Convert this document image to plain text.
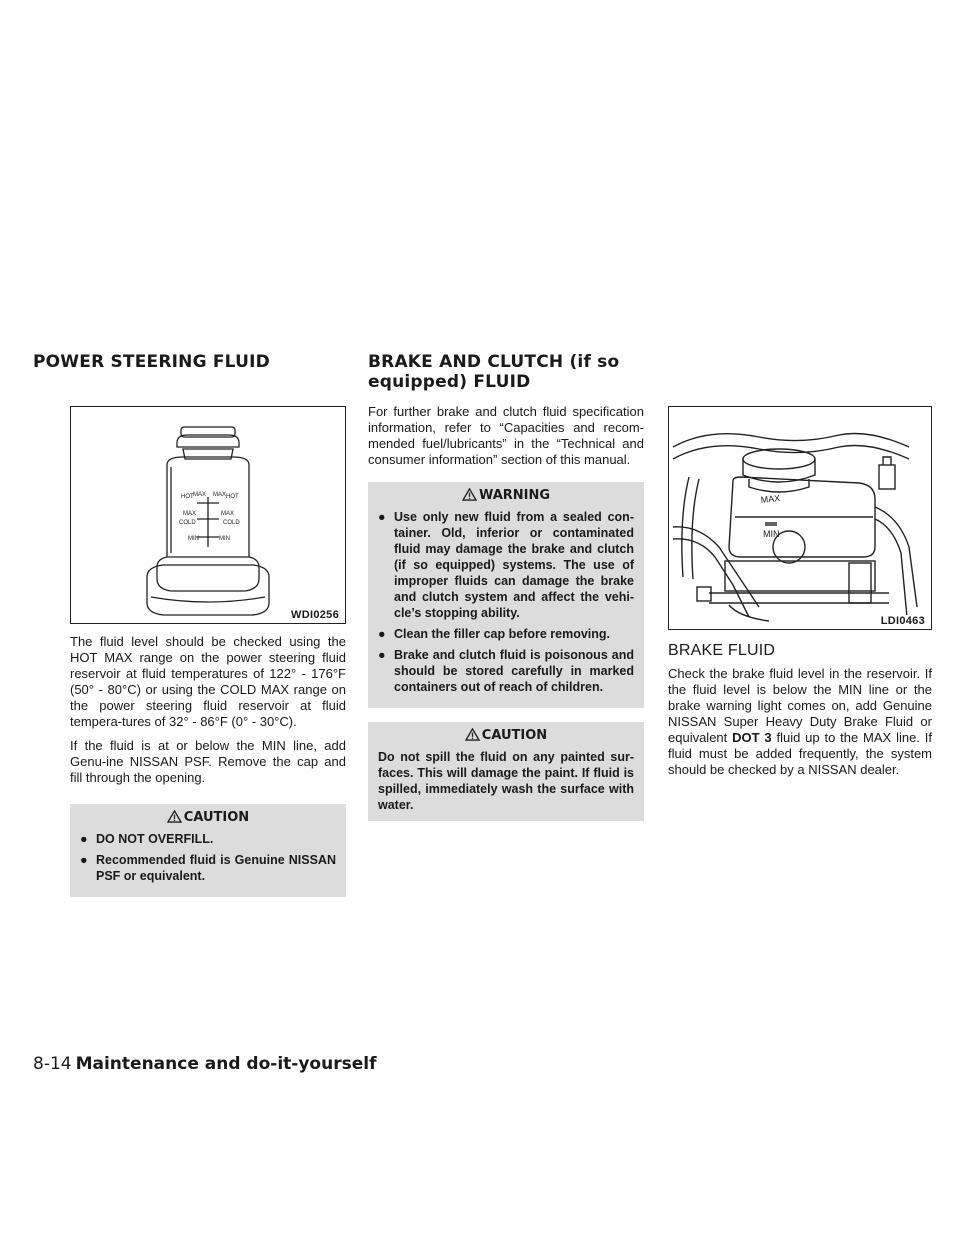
POWER STEERING FLUID	BRAKE AND CLUTCH (if so equipped) FLUID
HOT MAX MAX HOT
MAX	MAX
COLD	COLD
MIN	MIN
WDI0256

The fluid level should be checked using the HOT MAX range on the power steering fluid reservoir at fluid temperatures of 122° - 176°F (50° - 80°C) or using the COLD MAX range on the power steering fluid reservoir at fluid tempera-tures of 32° - 86°F (0° - 30°C).

If the fluid is at or below the MIN line, add Genu-ine NISSAN PSF. Remove the cap and fill through the opening.

CAUTION
● DO NOT OVERFILL.
● Recommended fluid is Genuine NISSAN PSF or equivalent.

For further brake and clutch fluid specification information, refer to “Capacities and recom-mended fuel/lubricants” in the “Technical and consumer information” section of this manual.

WARNING
● Use only new fluid from a sealed con-tainer. Old, inferior or contaminated fluid may damage the brake and clutch (if so equipped) systems. The use of improper fluids can damage the brake and clutch system and affect the vehi-cle’s stopping ability.
● Clean the filler cap before removing.
● Brake and clutch fluid is poisonous and should be stored carefully in marked containers out of reach of children.
CAUTION
Do not spill the fluid on any painted sur-faces. This will damage the paint. If fluid is spilled, immediately wash the surface with water.
MAX
MIN
LDI0463
BRAKE FLUID

Check the brake fluid level in the reservoir. If the fluid level is below the MIN line or the brake warning light comes on, add Genuine NISSAN Super Heavy Duty Brake Fluid or equivalent DOT 3 fluid up to the MAX line. If fluid must be added frequently, the system should be checked by a NISSAN dealer.

8-14 Maintenance and do-it-yourself
